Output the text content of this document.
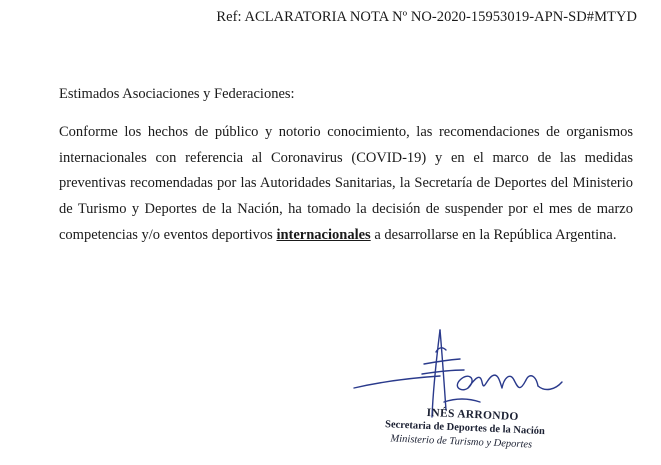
Ref: ACLARATORIA NOTA Nº NO-2020-15953019-APN-SD#MTYD
Estimados Asociaciones y Federaciones:
Conforme los hechos de público y notorio conocimiento, las recomendaciones de organismos internacionales con referencia al Coronavirus (COVID-19) y en el marco de las medidas preventivas recomendadas por las Autoridades Sanitarias, la Secretaría de Deportes del Ministerio de Turismo y Deportes de la Nación, ha tomado la decisión de suspender por el mes de marzo competencias y/o eventos deportivos internacionales a desarrollarse en la República Argentina.
INÉS ARRONDO
Secretaria de Deportes de la Nación
Ministerio de Turismo y Deportes
